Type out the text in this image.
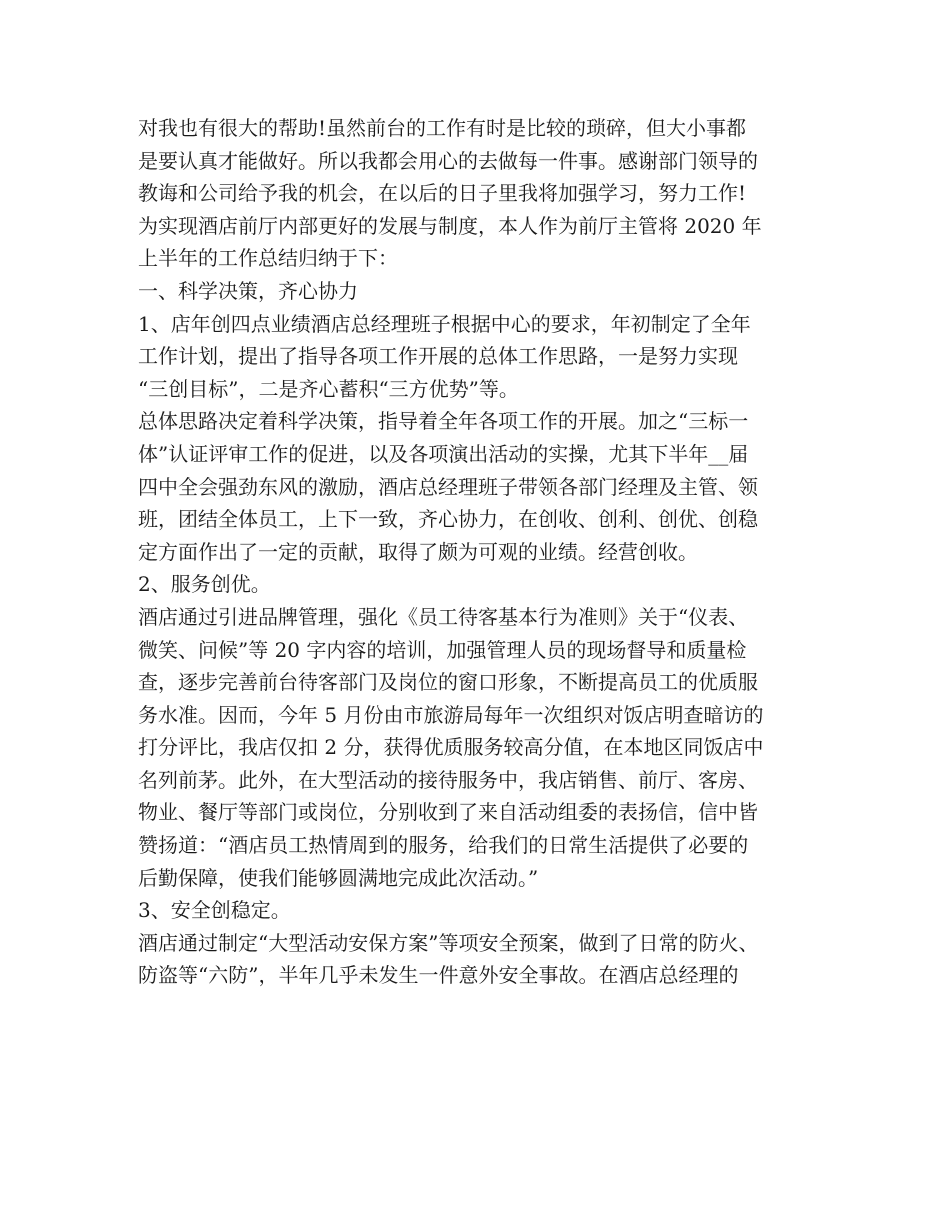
对我也有很大的帮助!虽然前台的工作有时是比较的琐碎，但大小事都
是要认真才能做好。所以我都会用心的去做每一件事。感谢部门领导的
教诲和公司给予我的机会，在以后的日子里我将加强学习，努力工作!
为实现酒店前厅内部更好的发展与制度，本人作为前厅主管将 2020 年
上半年的工作总结归纳于下：
一、科学决策，齐心协力
1、店年创四点业绩酒店总经理班子根据中心的要求，年初制定了全年
工作计划，提出了指导各项工作开展的总体工作思路，一是努力实现
“三创目标”，二是齐心蓄积“三方优势”等。
总体思路决定着科学决策，指导着全年各项工作的开展。加之“三标一
体”认证评审工作的促进，以及各项演出活动的实操，尤其下半年__届
四中全会强劲东风的激励，酒店总经理班子带领各部门经理及主管、领
班，团结全体员工，上下一致，齐心协力，在创收、创利、创优、创稳
定方面作出了一定的贡献，取得了颇为可观的业绩。经营创收。
2、服务创优。
酒店通过引进品牌管理，强化《员工待客基本行为准则》关于“仪表、
微笑、问候”等 20 字内容的培训，加强管理人员的现场督导和质量检
查，逐步完善前台待客部门及岗位的窗口形象，不断提高员工的优质服
务水准。因而，今年 5 月份由市旅游局每年一次组织对饭店明查暗访的
打分评比，我店仅扣 2 分，获得优质服务较高分值，在本地区同饭店中
名列前茅。此外，在大型活动的接待服务中，我店销售、前厅、客房、
物业、餐厅等部门或岗位，分别收到了来自活动组委的表扬信，信中皆
赞扬道：“酒店员工热情周到的服务，给我们的日常生活提供了必要的
后勤保障，使我们能够圆满地完成此次活动。”
3、安全创稳定。
酒店通过制定“大型活动安保方案”等项安全预案，做到了日常的防火、
防盗等“六防”，半年几乎未发生一件意外安全事故。在酒店总经理的
